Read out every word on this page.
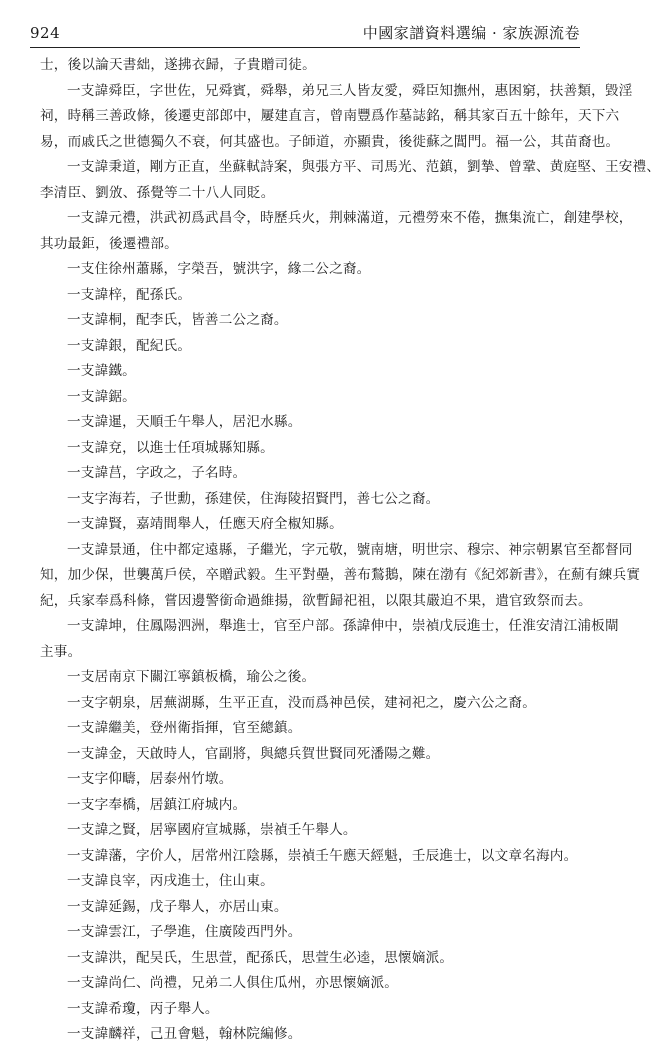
924	中國家譜資料選编 · 家族源流卷
士，後以論天書絀，遂拂衣歸，子貴贈司徒。
一支諱舜臣，字世佐，兄舜賓，舜舉，弟兄三人皆友愛，舜臣知撫州，惠困窮，扶善類，毀淫
祠，時稱三善政條，後遷吏部郎中，屢建直言，曾南豐爲作墓誌銘，稱其家百五十餘年，天下六
易，而戚氏之世德獨久不衰，何其盛也。子師道，亦顯貴，後徙蘇之閶門。福一公，其苗裔也。
一支諱秉道，剛方正直，坐蘇軾詩案，與張方平、司馬光、范鎮，劉摯、曾鞏、黄庭堅、王安禮、
李清臣、劉攽、孫覺等二十八人同貶。
一支諱元禮，洪武初爲武昌令，時歷兵火，荆棘滿道，元禮勞來不倦，撫集流亡，創建學校，
其功最鉅，後遷禮部。
一支住徐州蕭縣，字榮吾，號洪字，緣二公之裔。
一支諱梓，配孫氏。
一支諱桐，配李氏，皆善二公之裔。
一支諱銀，配紀氏。
一支諱鐵。
一支諱鋸。
一支諱暹，天順壬午舉人，居汜水縣。
一支諱兗，以進士任項城縣知縣。
一支諱莒，字政之，子名時。
一支字海若，子世勳，孫建侯，住海陵招賢門，善七公之裔。
一支諱賢，嘉靖間舉人，任應天府全椒知縣。
一支諱景通，住中都定遠縣，子繼光，字元敬，號南塘，明世宗、穆宗、神宗朝累官至都督同
知，加少保，世襲萬戶侯，卒贈武毅。生平對壘，善布鶖鵝，陳在渤有《紀郊新書》，在薊有練兵實
紀，兵家奉爲科條，嘗因邊警銜命過維揚，欲暫歸祀祖，以限其嚴迫不果，遣官致祭而去。
一支諱坤，住鳳陽泗洲，舉進士，官至户部。孫諱伸中，崇禎戊辰進士，任淮安清江浦板閘
主事。
一支居南京下關江寧鎮板橋，瑜公之後。
一支字朝泉，居蕪湖縣，生平正直，没而爲神邑侯，建祠祀之，慶六公之裔。
一支諱繼美，登州衛指揮，官至總鎮。
一支諱金，天啟時人，官副將，與總兵賀世賢同死潘陽之難。
一支字仰疇，居泰州竹墩。
一支字奉橋，居鎮江府城内。
一支諱之賢，居寧國府宣城縣，崇禎壬午舉人。
一支諱藩，字价人，居常州江陰縣，崇禎壬午應天經魁，壬辰進士，以文章名海内。
一支諱良宰，丙戌進士，住山東。
一支諱延錫，戊子舉人，亦居山東。
一支諱雲江，子學進，住廣陵西門外。
一支諱洪，配吴氏，生思萱，配孫氏，思萱生必逵，思懷嫡派。
一支諱尚仁、尚禮，兄弟二人俱住瓜州，亦思懷嫡派。
一支諱希瓊，丙子舉人。
一支諱麟祥，己丑會魁，翰林院編修。
